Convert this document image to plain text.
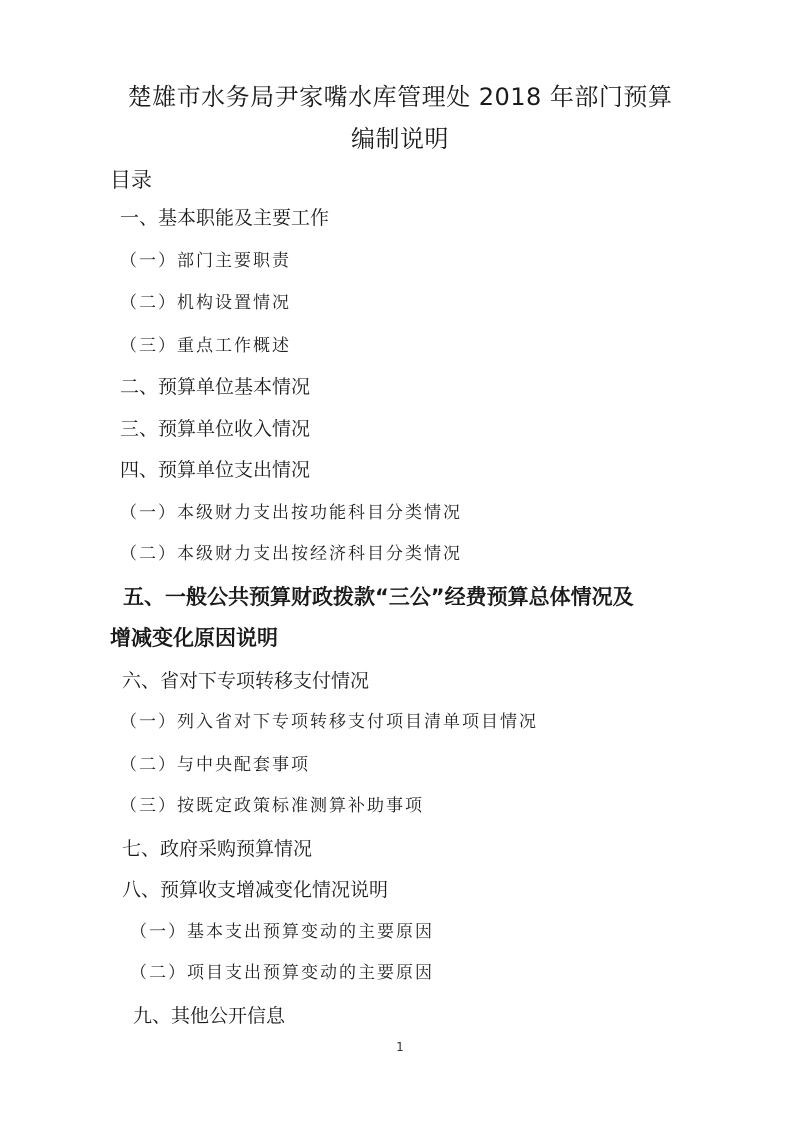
楚雄市水务局尹家嘴水库管理处 2018 年部门预算
编制说明
目录
一、基本职能及主要工作
（一）部门主要职责
（二）机构设置情况
（三）重点工作概述
二、预算单位基本情况
三、预算单位收入情况
四、预算单位支出情况
（一）本级财力支出按功能科目分类情况
（二）本级财力支出按经济科目分类情况
五、一般公共预算财政拨款“三公”经费预算总体情况及
增减变化原因说明
六、省对下专项转移支付情况
（一）列入省对下专项转移支付项目清单项目情况
（二）与中央配套事项
（三）按既定政策标准测算补助事项
七、政府采购预算情况
八、预算收支增减变化情况说明
（一）基本支出预算变动的主要原因
（二）项目支出预算变动的主要原因
九、其他公开信息
1
